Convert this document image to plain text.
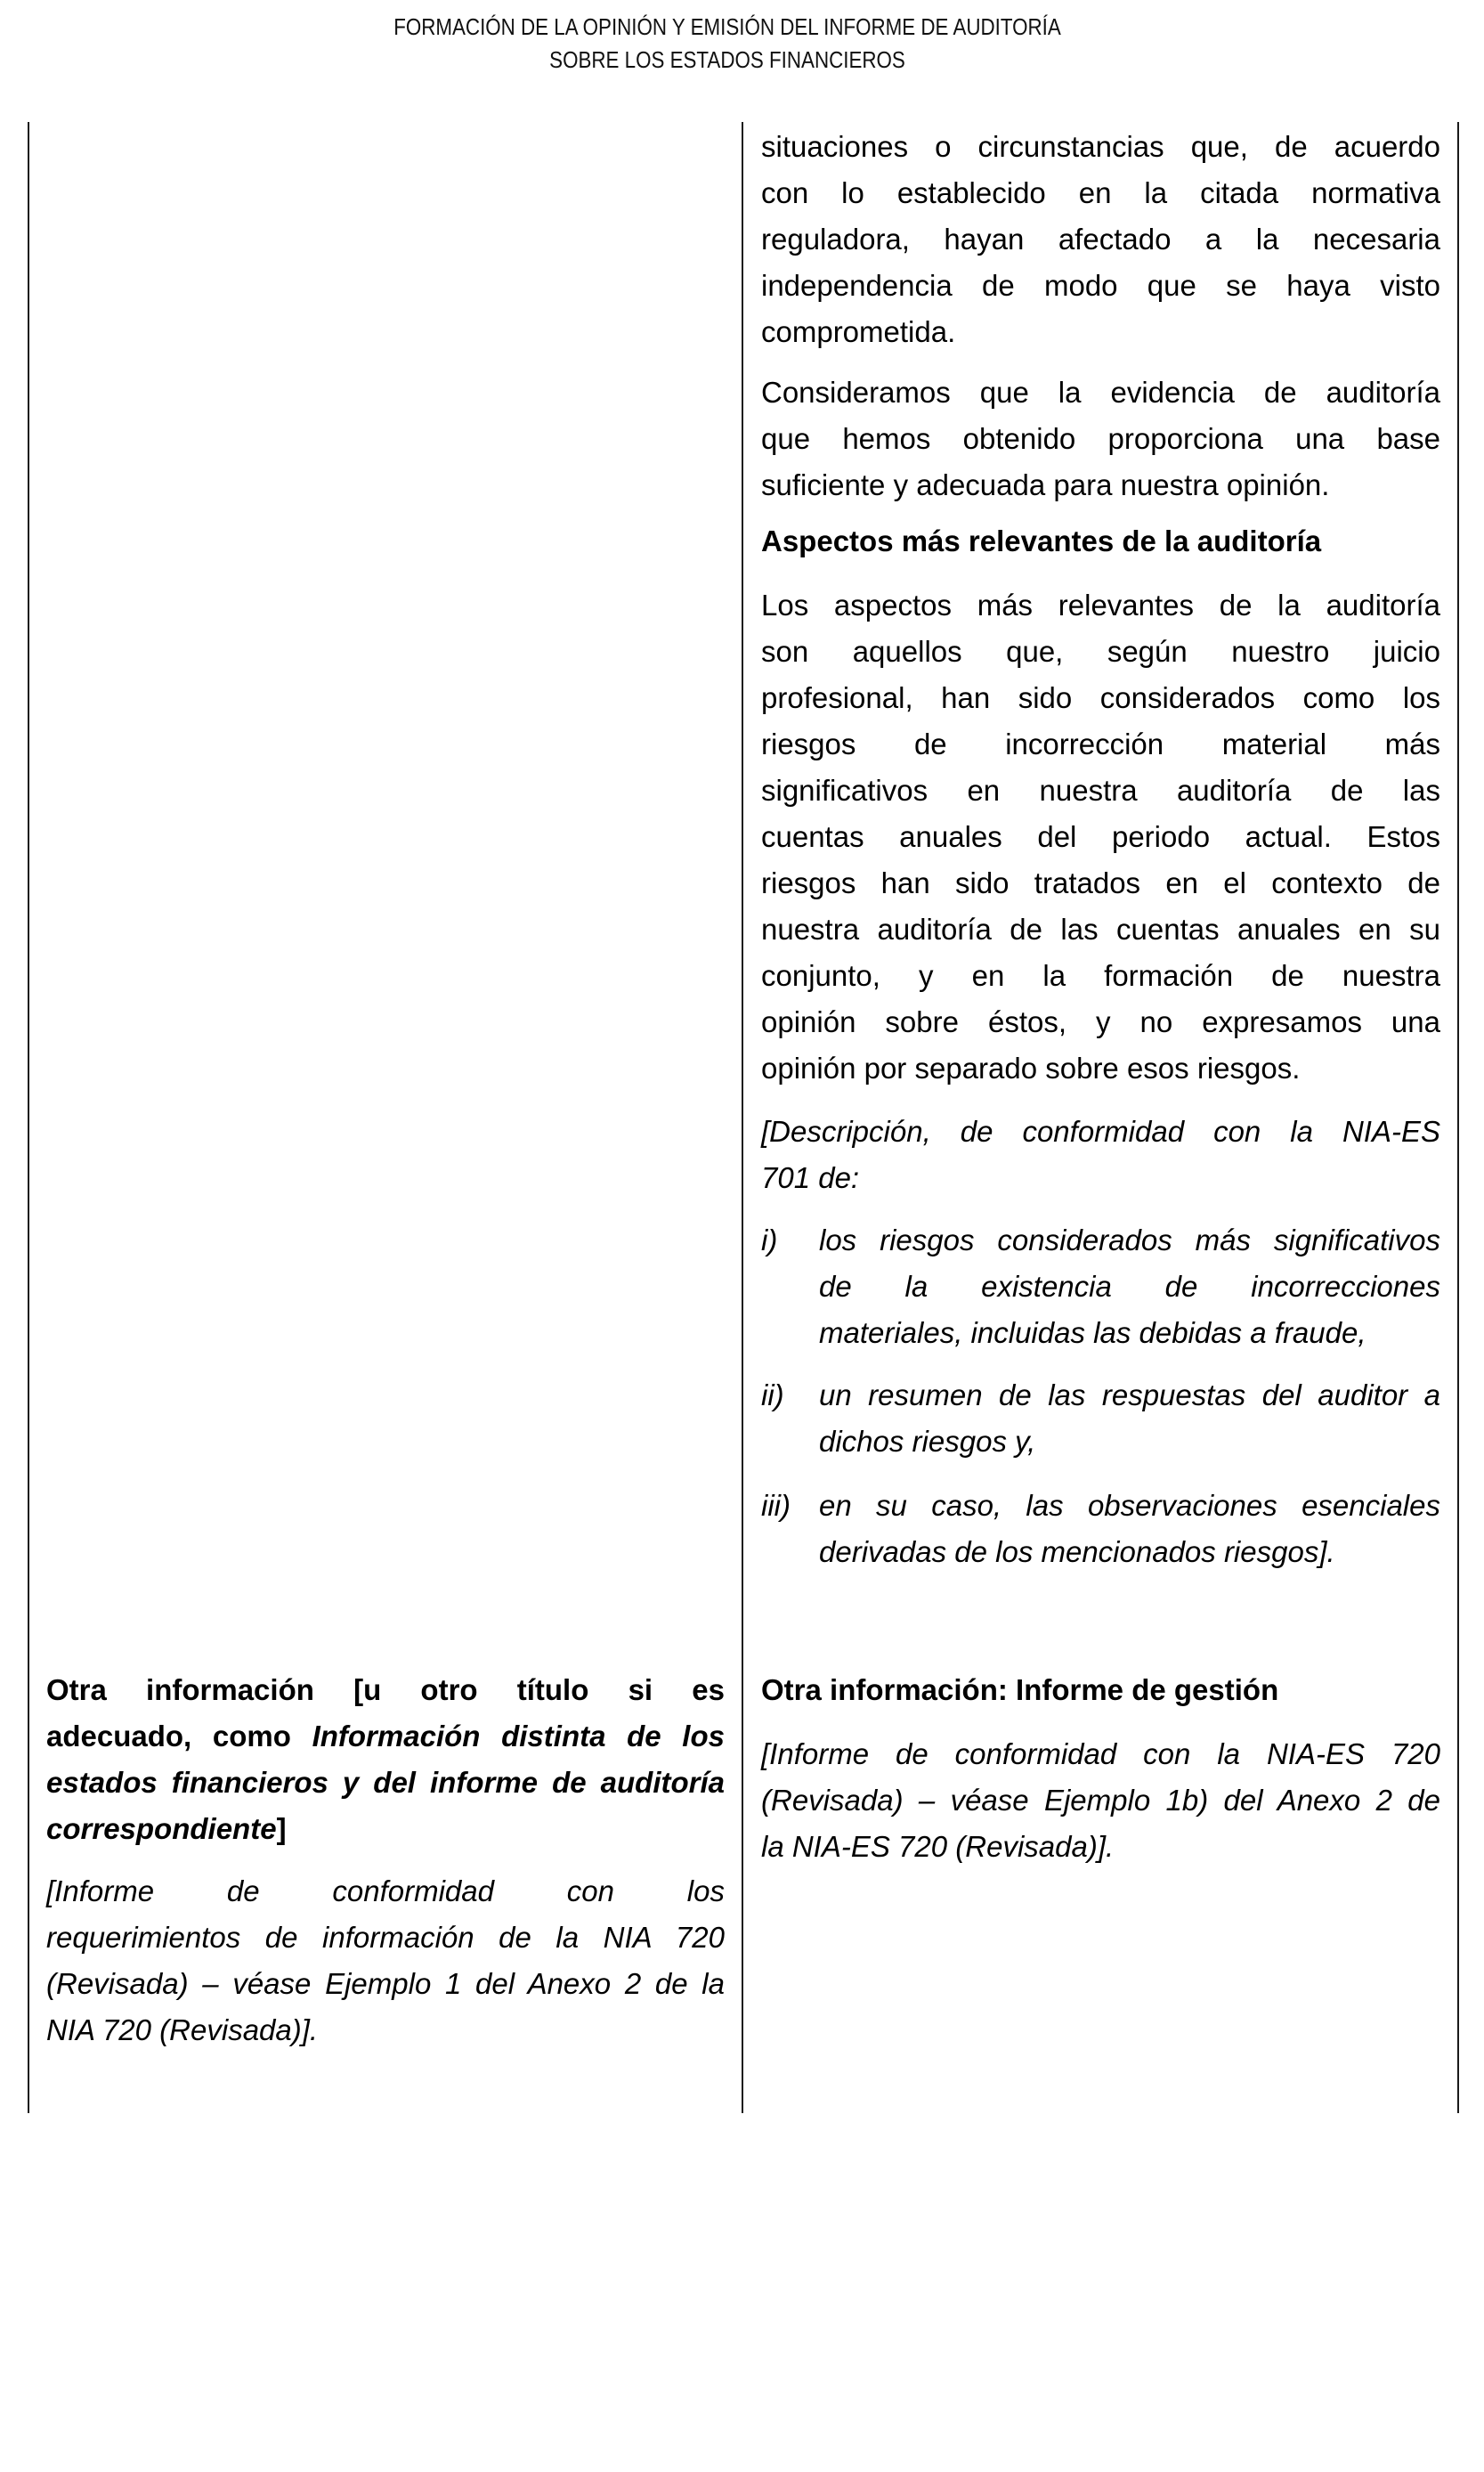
FORMACIÓN DE LA OPINIÓN Y EMISIÓN DEL INFORME DE AUDITORÍA
SOBRE LOS ESTADOS FINANCIEROS
situaciones o circunstancias que, de acuerdo
con lo establecido en la citada normativa
reguladora, hayan afectado a la necesaria
independencia de modo que se haya visto
comprometida.
Consideramos que la evidencia de auditoría
que hemos obtenido proporciona una base
suficiente y adecuada para nuestra opinión.
Aspectos más relevantes de la auditoría
Los aspectos más relevantes de la auditoría
son aquellos que, según nuestro juicio
profesional, han sido considerados como los
riesgos de incorrección material más
significativos en nuestra auditoría de las
cuentas anuales del periodo actual. Estos
riesgos han sido tratados en el contexto de
nuestra auditoría de las cuentas anuales en su
conjunto, y en la formación de nuestra
opinión sobre éstos, y no expresamos una
opinión por separado sobre esos riesgos.
[Descripción, de conformidad con la NIA-ES
701 de:
i) los riesgos considerados más significativos
de la existencia de incorrecciones
materiales, incluidas las debidas a fraude,
ii) un resumen de las respuestas del auditor a
dichos riesgos y,
iii) en su caso, las observaciones esenciales
derivadas de los mencionados riesgos].
Otra información [u otro título si es
adecuado, como Información distinta de los
estados financieros y del informe de auditoría
correspondiente]
[Informe de conformidad con los
requerimientos de información de la NIA 720
(Revisada) – véase Ejemplo 1 del Anexo 2 de la
NIA 720 (Revisada)].
Otra información: Informe de gestión
[Informe de conformidad con la NIA-ES 720
(Revisada) – véase Ejemplo 1b) del Anexo 2 de
la NIA-ES 720 (Revisada)].
